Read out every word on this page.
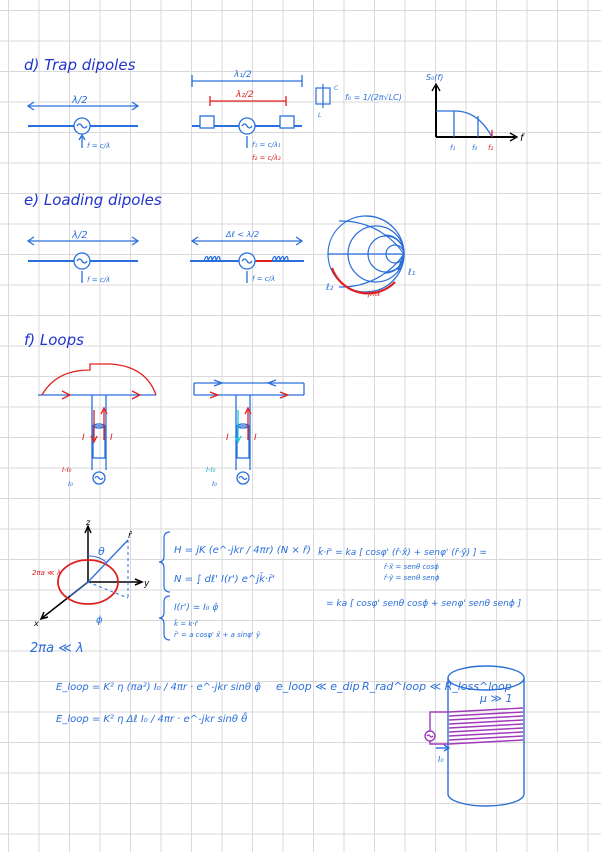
d) Trap dipoles
λ/2
f = c/λ
λ₁/2
λ₂/2
f₁ = c/λ₁
f₂ = c/λ₂
C
L
f₀ = 1/(2π√LC)
S₀(f)
f
f₁ f₀ f₂
e) Loading dipoles
λ/2
f = c/λ
Δℓ < λ/2
f = c/λ
ℓ₁
ℓ₂
jX₀ℓ
f) Loops
I	I
I-I₀
I₀
I	I
I-I₀
I₀
z
y
x
θ
ϕ
r̂
2πa ≪ λ
2πa ≪ λ
H = jK (e^-jkr / 4πr) (N × r̂)
N = ∫ dℓ' I(r') e^jk̄·r̄'
I(r') = I₀ φ̂
k̄ = k·r̂
r̄' = a cosφ' x̂ + a sinφ' ŷ
k̄·r̄' = ka [ cosφ' (r̂·x̂) + senφ' (r̂·ŷ) ] =
r̂·x̂ = senθ cosϕ
r̂·ŷ = senθ senϕ
= ka [ cosφ' senθ cosϕ + senφ' senθ senϕ ]
E_loop = K² η (πa²) I₀ / 4πr · e^-jkr sinθ φ̂
E_loop = K² η Δℓ I₀ / 4πr · e^-jkr sinθ θ̂
e_loop ≪ e_dip R_rad^loop ≪ R_loss^loop
μ ≫ 1
I₀
